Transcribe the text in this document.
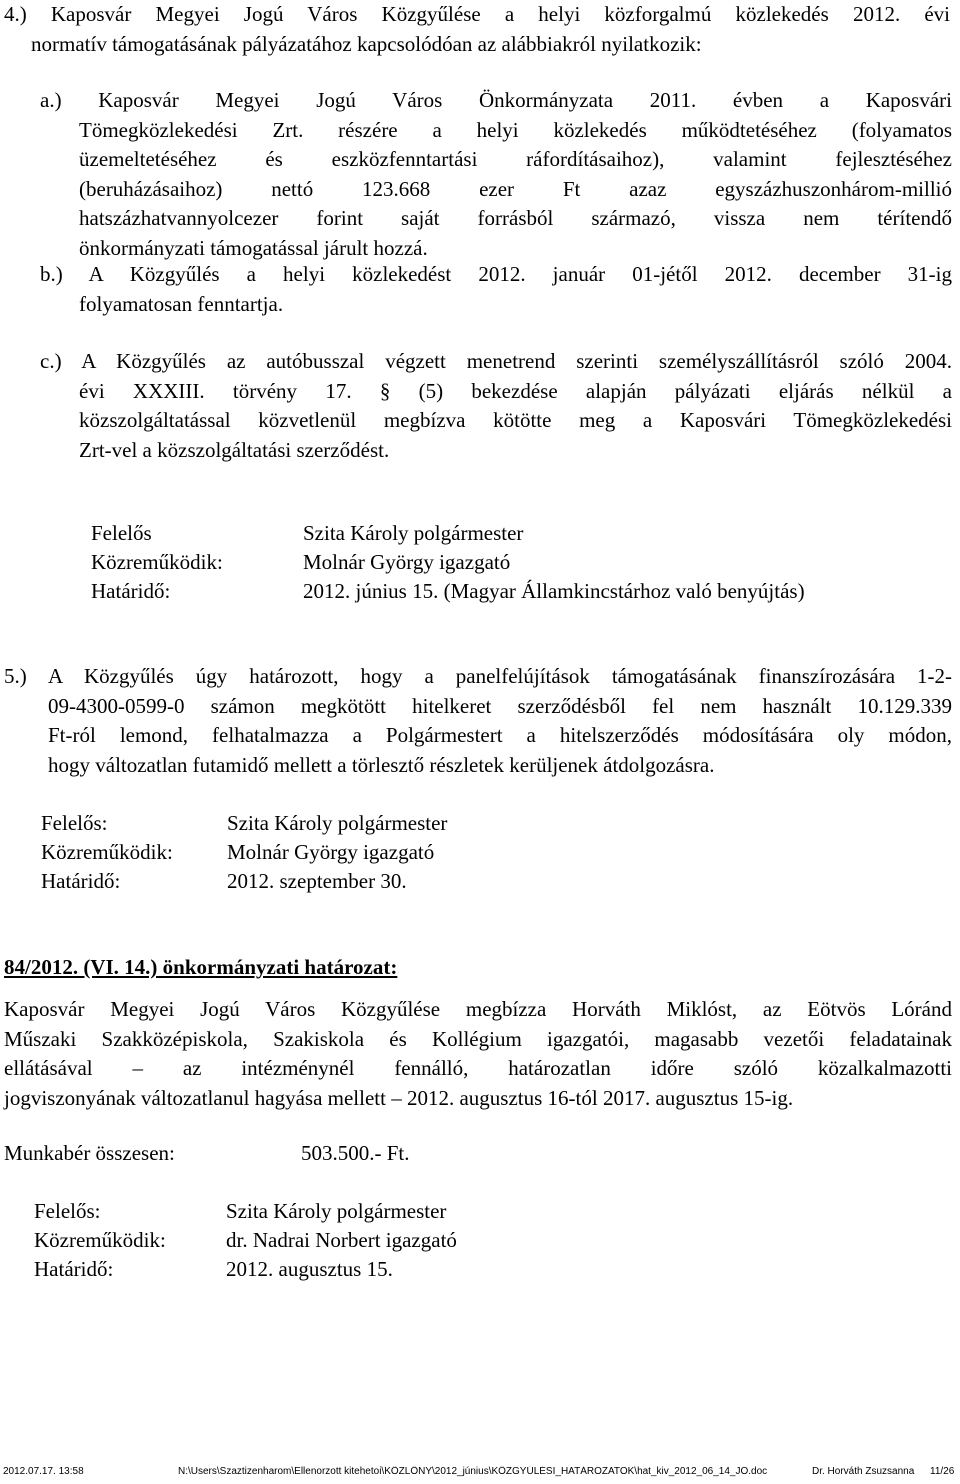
4.) Kaposvár Megyei Jogú Város Közgyűlése a helyi közforgalmú közlekedés 2012. évi
normatív támogatásának pályázatához kapcsolódóan az alábbiakról nyilatkozik:
a.) Kaposvár Megyei Jogú Város Önkormányzata 2011. évben a Kaposvári
Tömegközlekedési Zrt. részére a helyi közlekedés működtetéséhez (folyamatos
üzemeltetéséhez és eszközfenntartási ráfordításaihoz), valamint fejlesztéséhez
(beruházásaihoz) nettó 123.668 ezer Ft azaz egyszázhuszonhárom-millió
hatszázhatvannyolcezer forint saját forrásból származó, vissza nem térítendő
önkormányzati támogatással járult hozzá.
b.) A Közgyűlés a helyi közlekedést 2012. január 01-jétől 2012. december 31-ig
folyamatosan fenntartja.
c.) A Közgyűlés az autóbusszal végzett menetrend szerinti személyszállításról szóló 2004.
évi XXXIII. törvény 17. § (5) bekezdése alapján pályázati eljárás nélkül a
közszolgáltatással közvetlenül megbízva kötötte meg a Kaposvári Tömegközlekedési
Zrt-vel a közszolgáltatási szerződést.
Felelős	Szita Károly polgármester
Közreműködik:	Molnár György igazgató
Határidő:	2012. június 15. (Magyar Államkincstárhoz való benyújtás)
5.) A Közgyűlés úgy határozott, hogy a panelfelújítások támogatásának finanszírozására 1-2-
09-4300-0599-0 számon megkötött hitelkeret szerződésből fel nem használt 10.129.339
Ft-ról lemond, felhatalmazza a Polgármestert a hitelszerződés módosítására oly módon,
hogy változatlan futamidő mellett a törlesztő részletek kerüljenek átdolgozásra.
Felelős:	Szita Károly polgármester
Közreműködik:	Molnár György igazgató
Határidő:	2012. szeptember 30.
84/2012. (VI. 14.) önkormányzati határozat:
Kaposvár Megyei Jogú Város Közgyűlése megbízza Horváth Miklóst, az Eötvös Lóránd
Műszaki Szakközépiskola, Szakiskola és Kollégium igazgatói, magasabb vezetői feladatainak
ellátásával – az intézménynél fennálló, határozatlan időre szóló közalkalmazotti
jogviszonyának változatlanul hagyása mellett – 2012. augusztus 16-tól 2017. augusztus 15-ig.
Munkabér összesen:	503.500.- Ft.
Felelős:	Szita Károly polgármester
Közreműködik:	dr. Nadrai Norbert igazgató
Határidő:	2012. augusztus 15.
2012.07.17. 13:58	N:\Users\Szaztizenharom\Ellenorzott kitehetoi\KÖZLÖNY\2012_június\KÖZGYŰLÉSI_HATÁROZATOK\hat_kiv_2012_06_14_JÓ.doc	Dr. Horváth Zsuzsanna 11/26
